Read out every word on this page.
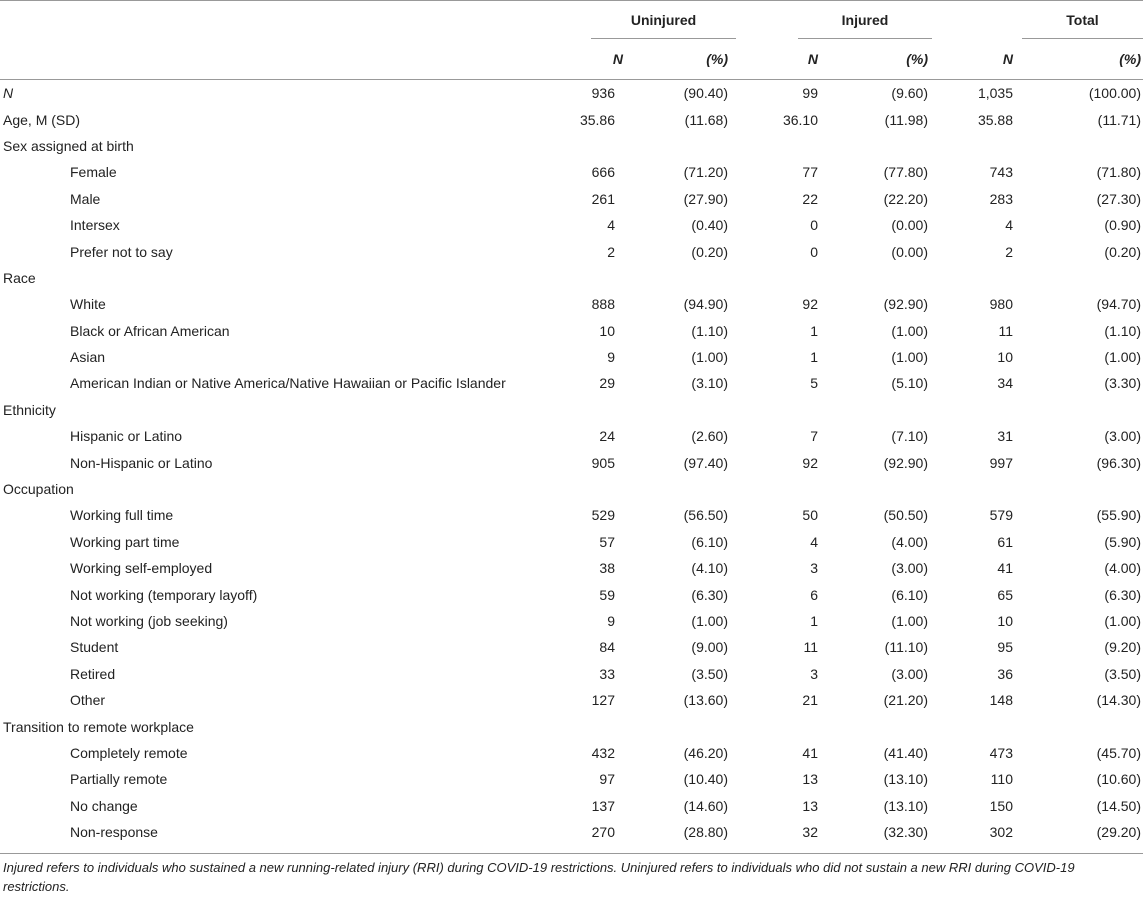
	Uninjured		Injured		Total	

	N	(%)	N	(%)	N	(%)

N	936	(90.40)	99	(9.60)	1,035	(100.00)
Age, M (SD)	35.86	(11.68)	36.10	(11.98)	35.88	(11.71)
Sex assigned at birth						
Female	666	(71.20)	77	(77.80)	743	(71.80)
Male	261	(27.90)	22	(22.20)	283	(27.30)
Intersex	4	(0.40)	0	(0.00)	4	(0.90)
Prefer not to say	2	(0.20)	0	(0.00)	2	(0.20)
Race						
White	888	(94.90)	92	(92.90)	980	(94.70)
Black or African American	10	(1.10)	1	(1.00)	11	(1.10)
Asian	9	(1.00)	1	(1.00)	10	(1.00)
American Indian or Native America/Native Hawaiian or Pacific Islander	29	(3.10)	5	(5.10)	34	(3.30)
Ethnicity						
Hispanic or Latino	24	(2.60)	7	(7.10)	31	(3.00)
Non-Hispanic or Latino	905	(97.40)	92	(92.90)	997	(96.30)
Occupation						
Working full time	529	(56.50)	50	(50.50)	579	(55.90)
Working part time	57	(6.10)	4	(4.00)	61	(5.90)
Working self-employed	38	(4.10)	3	(3.00)	41	(4.00)
Not working (temporary layoff)	59	(6.30)	6	(6.10)	65	(6.30)
Not working (job seeking)	9	(1.00)	1	(1.00)	10	(1.00)
Student	84	(9.00)	11	(11.10)	95	(9.20)
Retired	33	(3.50)	3	(3.00)	36	(3.50)
Other	127	(13.60)	21	(21.20)	148	(14.30)
Transition to remote workplace						
Completely remote	432	(46.20)	41	(41.40)	473	(45.70)
Partially remote	97	(10.40)	13	(13.10)	110	(10.60)
No change	137	(14.60)	13	(13.10)	150	(14.50)
Non-response	270	(28.80)	32	(32.30)	302	(29.20)

Injured refers to individuals who sustained a new running-related injury (RRI) during COVID-19 restrictions. Uninjured refers to individuals who did not sustain a new RRI during COVID-19 restrictions.
